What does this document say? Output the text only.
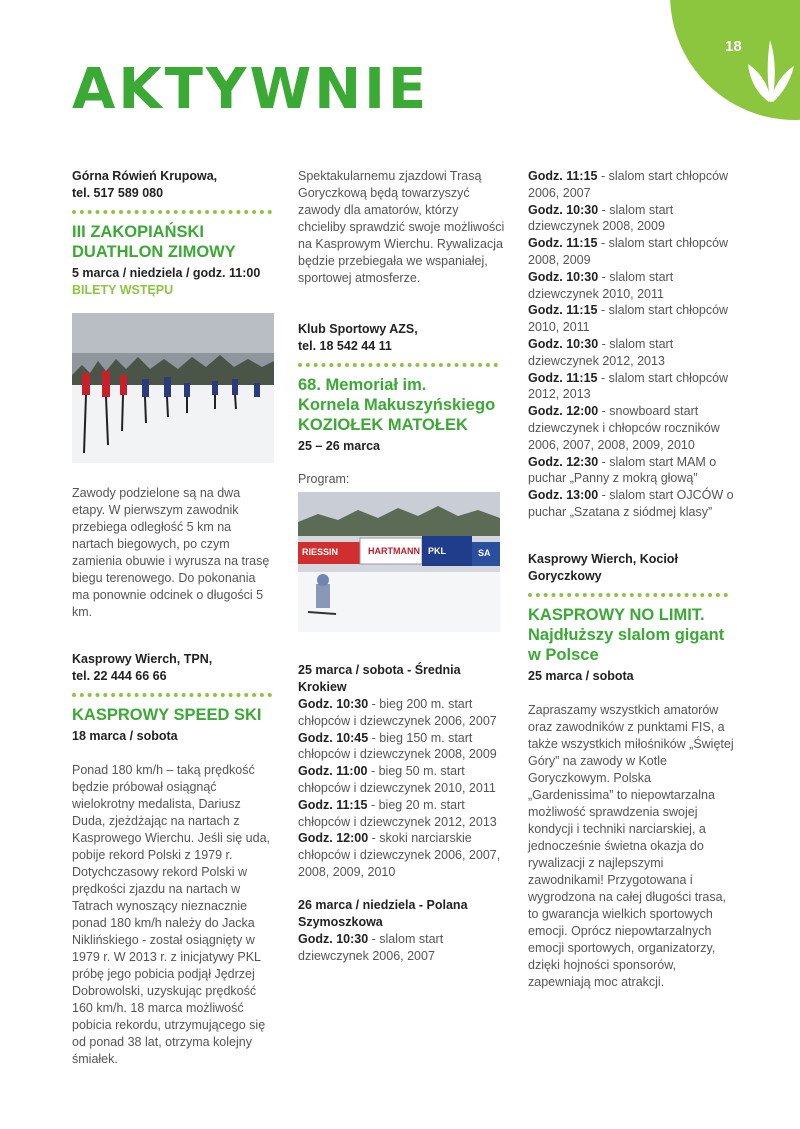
18
AKTYWNIE

Górna Rówień Krupowa,

tel. 517 589 080

III ZAKOPIAŃSKI

DUATHLON ZIMOWY

5 marca / niedziela / godz. 11:00

BILETY WSTĘPU

Zawody podzielone są na dwa etapy. W pierwszym zawodnik przebiega odległość 5 km na nartach biegowych, po czym zamienia obuwie i wyrusza na trasę biegu terenowego. Do pokonania ma ponownie odcinek o długości 5 km.

Kasprowy Wierch, TPN,

tel. 22 444 66 66

KASPROWY SPEED SKI

18 marca / sobota

Ponad 180 km/h – taką prędkość będzie próbował osiągnąć wielokrotny medalista, Dariusz Duda, zjeżdżając na nartach z Kasprowego Wierchu. Jeśli się uda, pobije rekord Polski z 1979 r. Dotychczasowy rekord Polski w prędkości zjazdu na nartach w Tatrach wynoszący nieznacznie ponad 180 km/h należy do Jacka Niklińskiego - został osiągnięty w 1979 r. W 2013 r. z inicjatywy PKL próbę jego pobicia podjął Jędrzej Dobrowolski, uzyskując prędkość 160 km/h. 18 marca możliwość pobicia rekordu, utrzymującego się od ponad 38 lat, otrzyma kolejny śmiałek.

Spektakularnemu zjazdowi Trasą Goryczkową będą towarzyszyć zawody dla amatorów, którzy chcieliby sprawdzić swoje możliwości na Kasprowym Wierchu. Rywalizacja będzie przebiegała we wspaniałej, sportowej atmosferze.

Klub Sportowy AZS,

tel. 18 542 44 11

68. Memoriał im.

Kornela Makuszyńskiego

KOZIOŁEK MATOŁEK

25 – 26 marca

Program:

RIESSIN	HARTMANN PKL	SA

25 marca / sobota - Średnia Krokiew

Godz. 10:30 - bieg 200 m. start chłopców i dziewczynek 2006, 2007

Godz. 10:45 - bieg 150 m. start chłopców i dziewczynek 2008, 2009

Godz. 11:00 - bieg 50 m. start chłopców i dziewczynek 2010, 2011

Godz. 11:15 - bieg 20 m. start chłopców i dziewczynek 2012, 2013

Godz. 12:00 - skoki narciarskie chłopców i dziewczynek 2006, 2007, 2008, 2009, 2010

26 marca / niedziela - Polana Szymoszkowa

Godz. 10:30 - slalom start dziewczynek 2006, 2007

Godz. 11:15 - slalom start chłopców 2006, 2007

Godz. 10:30 - slalom start dziewczynek 2008, 2009

Godz. 11:15 - slalom start chłopców 2008, 2009

Godz. 10:30 - slalom start dziewczynek 2010, 2011

Godz. 11:15 - slalom start chłopców 2010, 2011

Godz. 10:30 - slalom start dziewczynek 2012, 2013

Godz. 11:15 - slalom start chłopców 2012, 2013

Godz. 12:00 - snowboard start dziewczynek i chłopców roczników 2006, 2007, 2008, 2009, 2010

Godz. 12:30 - slalom start MAM o puchar „Panny z mokrą głową”

Godz. 13:00 - slalom start OJCÓW o puchar „Szatana z siódmej klasy”

Kasprowy Wierch, Kocioł Goryczkowy

KASPROWY NO LIMIT.

Najdłuższy slalom gigant

w Polsce

25 marca / sobota

Zapraszamy wszystkich amatorów oraz zawodników z punktami FIS, a także wszystkich miłośników „Świętej Góry” na zawody w Kotle Goryczkowym. Polska „Gardenissima” to niepowtarzalna możliwość sprawdzenia swojej kondycji i techniki narciarskiej, a jednocześnie świetna okazja do rywalizacji z najlepszymi zawodnikami! Przygotowana i wygrodzona na całej długości trasa, to gwarancja wielkich sportowych emocji. Oprócz niepowtarzalnych emocji sportowych, organizatorzy, dzięki hojności sponsorów, zapewniają moc atrakcji.
